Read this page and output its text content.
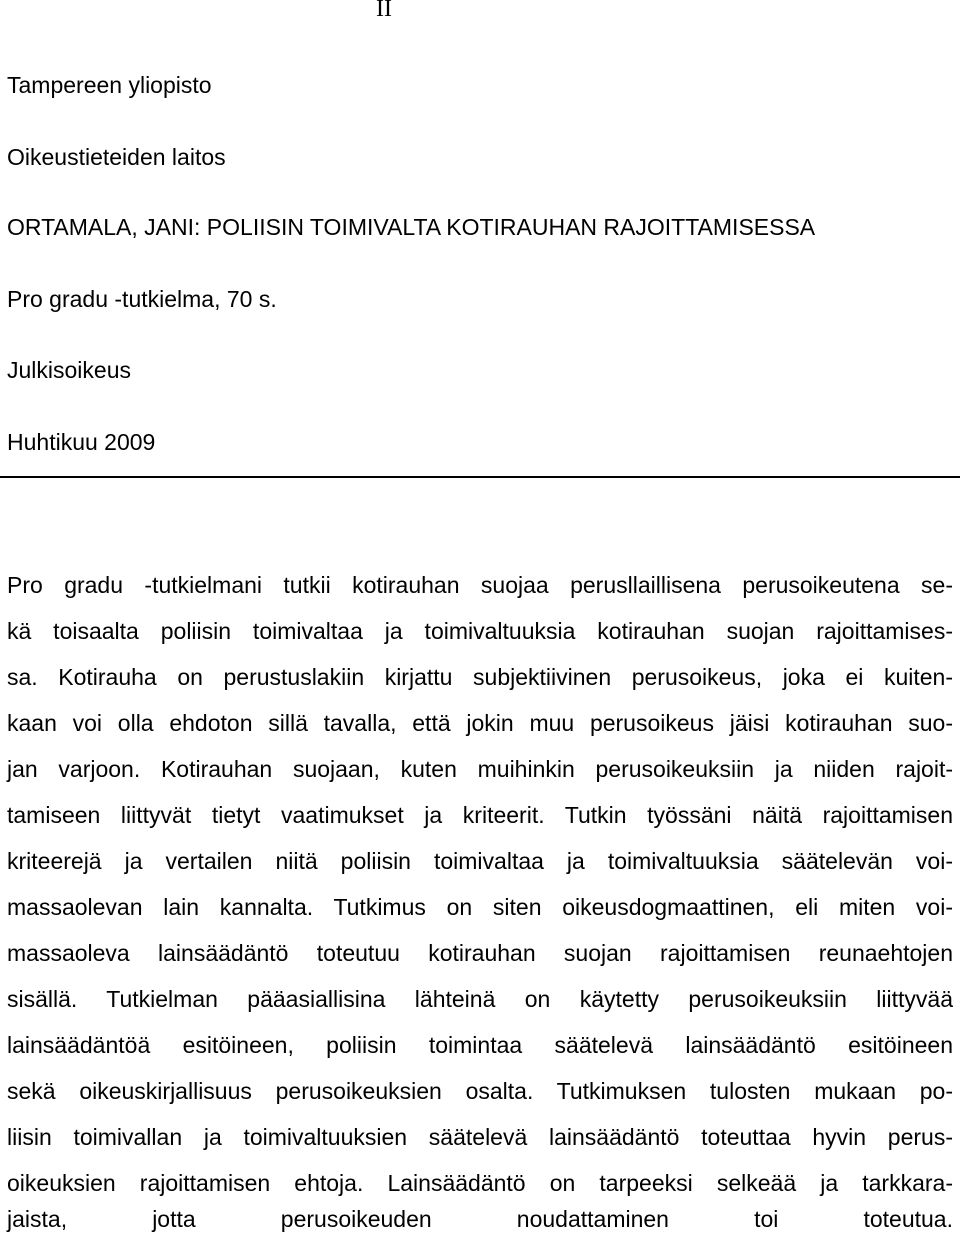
II
Tampereen yliopisto
Oikeustieteiden laitos
ORTAMALA, JANI: POLIISIN TOIMIVALTA KOTIRAUHAN RAJOITTAMISESSA
Pro gradu -tutkielma, 70 s.
Julkisoikeus
Huhtikuu 2009
Pro gradu -tutkielmani tutkii kotirauhan suojaa perusllaillisena perusoikeutena se-
kä toisaalta poliisin toimivaltaa ja toimivaltuuksia kotirauhan suojan rajoittamises-
sa. Kotirauha on perustuslakiin kirjattu subjektiivinen perusoikeus, joka ei kuiten-
kaan voi olla ehdoton sillä tavalla, että jokin muu perusoikeus jäisi kotirauhan suo-
jan varjoon. Kotirauhan suojaan, kuten muihinkin perusoikeuksiin ja niiden rajoit-
tamiseen liittyvät tietyt vaatimukset ja kriteerit. Tutkin työssäni näitä rajoittamisen
kriteerejä ja vertailen niitä poliisin toimivaltaa ja toimivaltuuksia säätelevän voi-
massaolevan lain kannalta. Tutkimus on siten oikeusdogmaattinen, eli miten voi-
massaoleva lainsäädäntö toteutuu kotirauhan suojan rajoittamisen reunaehtojen
sisällä. Tutkielman pääasiallisina lähteinä on käytetty perusoikeuksiin liittyvää
lainsäädäntöä esitöineen, poliisin toimintaa säätelevä lainsäädäntö esitöineen
sekä oikeuskirjallisuus perusoikeuksien osalta. Tutkimuksen tulosten mukaan po-
liisin toimivallan ja toimivaltuuksien säätelevä lainsäädäntö toteuttaa hyvin perus-
oikeuksien rajoittamisen ehtoja. Lainsäädäntö on tarpeeksi selkeää ja tarkkara-
jaista, jotta perusoikeuden noudattaminen toi toteutua.
